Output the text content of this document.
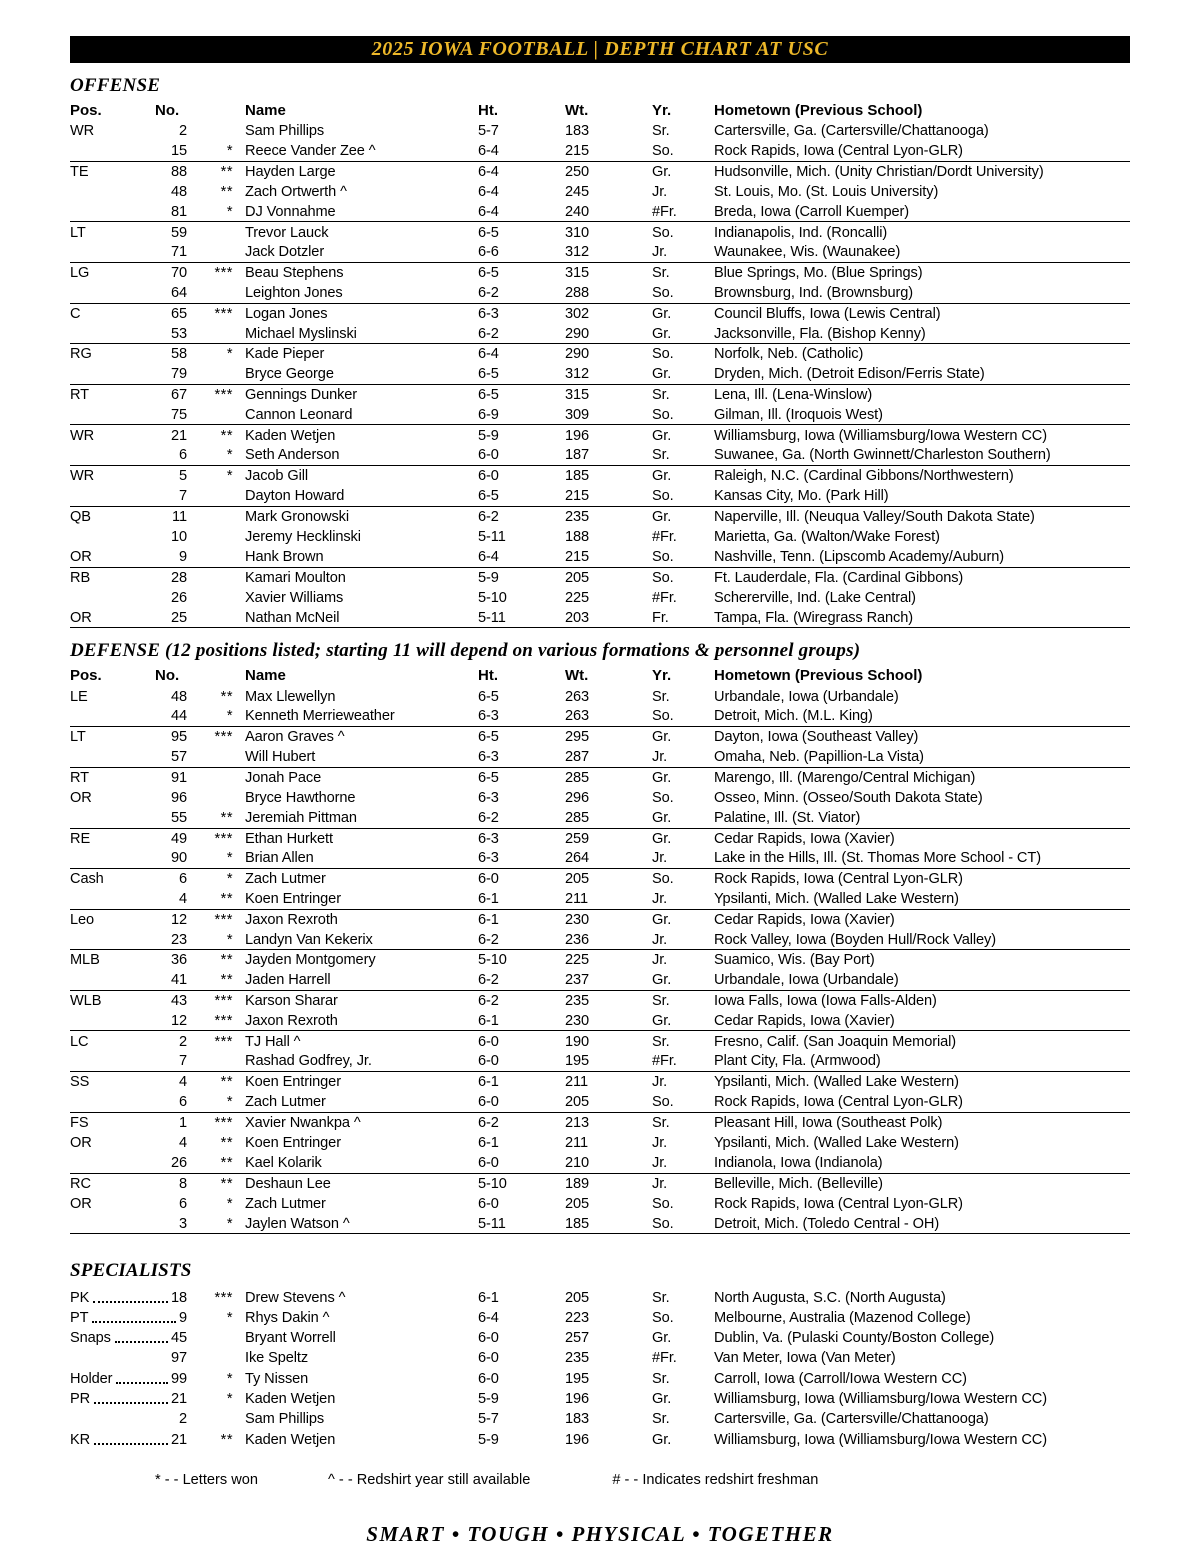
2025 IOWA FOOTBALL | DEPTH CHART AT USC
OFFENSE
Pos.	No.	Name	Ht.	Wt.	Yr.	Hometown (Previous School)
WR	2	Sam Phillips	5-7	183	Sr.	Cartersville, Ga. (Cartersville/Chattanooga)
15	* Reece Vander Zee ^	6-4	215	So.	Rock Rapids, Iowa (Central Lyon-GLR)
TE	88	** Hayden Large	6-4	250	Gr.	Hudsonville, Mich. (Unity Christian/Dordt University)
48	** Zach Ortwerth ^	6-4	245	Jr.	St. Louis, Mo. (St. Louis University)
81	* DJ Vonnahme	6-4	240	#Fr.	Breda, Iowa (Carroll Kuemper)
LT	59	Trevor Lauck	6-5	310	So.	Indianapolis, Ind. (Roncalli)
71	Jack Dotzler	6-6	312	Jr.	Waunakee, Wis. (Waunakee)
LG	70	*** Beau Stephens	6-5	315	Sr.	Blue Springs, Mo. (Blue Springs)
64	Leighton Jones	6-2	288	So.	Brownsburg, Ind. (Brownsburg)
C	65	*** Logan Jones	6-3	302	Gr.	Council Bluffs, Iowa (Lewis Central)
53	Michael Myslinski	6-2	290	Gr.	Jacksonville, Fla. (Bishop Kenny)
RG	58	* Kade Pieper	6-4	290	So.	Norfolk, Neb. (Catholic)
79	Bryce George	6-5	312	Gr.	Dryden, Mich. (Detroit Edison/Ferris State)
RT	67	*** Gennings Dunker	6-5	315	Sr.	Lena, Ill. (Lena-Winslow)
75	Cannon Leonard	6-9	309	So.	Gilman, Ill. (Iroquois West)
WR	21	** Kaden Wetjen	5-9	196	Gr.	Williamsburg, Iowa (Williamsburg/Iowa Western CC)
6	* Seth Anderson	6-0	187	Sr.	Suwanee, Ga. (North Gwinnett/Charleston Southern)
WR	5	* Jacob Gill	6-0	185	Gr.	Raleigh, N.C. (Cardinal Gibbons/Northwestern)
7	Dayton Howard	6-5	215	So.	Kansas City, Mo. (Park Hill)
QB	11	Mark Gronowski	6-2	235	Gr.	Naperville, Ill. (Neuqua Valley/South Dakota State)
10	Jeremy Hecklinski	5-11	188	#Fr.	Marietta, Ga. (Walton/Wake Forest)
OR	9	Hank Brown	6-4	215	So.	Nashville, Tenn. (Lipscomb Academy/Auburn)
RB	28	Kamari Moulton	5-9	205	So.	Ft. Lauderdale, Fla. (Cardinal Gibbons)
26	Xavier Williams	5-10	225	#Fr.	Schererville, Ind. (Lake Central)
OR	25	Nathan McNeil	5-11	203	Fr.	Tampa, Fla. (Wiregrass Ranch)
DEFENSE (12 positions listed; starting 11 will depend on various formations & personnel groups)
Pos.	No.	Name	Ht.	Wt.	Yr.	Hometown (Previous School)
LE	48	** Max Llewellyn	6-5	263	Sr.	Urbandale, Iowa (Urbandale)
44	* Kenneth Merrieweather	6-3	263	So.	Detroit, Mich. (M.L. King)
LT	95	*** Aaron Graves ^	6-5	295	Gr.	Dayton, Iowa (Southeast Valley)
57	Will Hubert	6-3	287	Jr.	Omaha, Neb. (Papillion-La Vista)
RT	91	Jonah Pace	6-5	285	Gr.	Marengo, Ill. (Marengo/Central Michigan)
OR	96	Bryce Hawthorne	6-3	296	So.	Osseo, Minn. (Osseo/South Dakota State)
55	** Jeremiah Pittman	6-2	285	Gr.	Palatine, Ill. (St. Viator)
RE	49	*** Ethan Hurkett	6-3	259	Gr.	Cedar Rapids, Iowa (Xavier)
90	* Brian Allen	6-3	264	Jr.	Lake in the Hills, Ill. (St. Thomas More School - CT)
Cash	6	* Zach Lutmer	6-0	205	So.	Rock Rapids, Iowa (Central Lyon-GLR)
4	** Koen Entringer	6-1	211	Jr.	Ypsilanti, Mich. (Walled Lake Western)
Leo	12	*** Jaxon Rexroth	6-1	230	Gr.	Cedar Rapids, Iowa (Xavier)
23	* Landyn Van Kekerix	6-2	236	Jr.	Rock Valley, Iowa (Boyden Hull/Rock Valley)
MLB	36	** Jayden Montgomery	5-10	225	Jr.	Suamico, Wis. (Bay Port)
41	** Jaden Harrell	6-2	237	Gr.	Urbandale, Iowa (Urbandale)
WLB	43	*** Karson Sharar	6-2	235	Sr.	Iowa Falls, Iowa (Iowa Falls-Alden)
12	*** Jaxon Rexroth	6-1	230	Gr.	Cedar Rapids, Iowa (Xavier)
LC	2	*** TJ Hall ^	6-0	190	Sr.	Fresno, Calif. (San Joaquin Memorial)
7	Rashad Godfrey, Jr.	6-0	195	#Fr.	Plant City, Fla. (Armwood)
SS	4	** Koen Entringer	6-1	211	Jr.	Ypsilanti, Mich. (Walled Lake Western)
6	* Zach Lutmer	6-0	205	So.	Rock Rapids, Iowa (Central Lyon-GLR)
FS	1	*** Xavier Nwankpa ^	6-2	213	Sr.	Pleasant Hill, Iowa (Southeast Polk)
OR	4	** Koen Entringer	6-1	211	Jr.	Ypsilanti, Mich. (Walled Lake Western)
26	** Kael Kolarik	6-0	210	Jr.	Indianola, Iowa (Indianola)
RC	8	** Deshaun Lee	5-10	189	Jr.	Belleville, Mich. (Belleville)
OR	6	* Zach Lutmer	6-0	205	So.	Rock Rapids, Iowa (Central Lyon-GLR)
3	* Jaylen Watson ^	5-11	185	So.	Detroit, Mich. (Toledo Central - OH)
SPECIALISTS
PK	18	*** Drew Stevens ^	6-1	205	Sr.	North Augusta, S.C. (North Augusta)
PT	9	* Rhys Dakin ^	6-4	223	So.	Melbourne, Australia (Mazenod College)
Snaps	45	Bryant Worrell	6-0	257	Gr.	Dublin, Va. (Pulaski County/Boston College)
97	Ike Speltz	6-0	235	#Fr.	Van Meter, Iowa (Van Meter)
Holder	99	* Ty Nissen	6-0	195	Sr.	Carroll, Iowa (Carroll/Iowa Western CC)
PR	21	* Kaden Wetjen	5-9	196	Gr.	Williamsburg, Iowa (Williamsburg/Iowa Western CC)
2	Sam Phillips	5-7	183	Sr.	Cartersville, Ga. (Cartersville/Chattanooga)
KR	21	** Kaden Wetjen	5-9	196	Gr.	Williamsburg, Iowa (Williamsburg/Iowa Western CC)
* - - Letters won	^ - - Redshirt year still available	# - - Indicates redshirt freshman
SMART • TOUGH • PHYSICAL • TOGETHER
